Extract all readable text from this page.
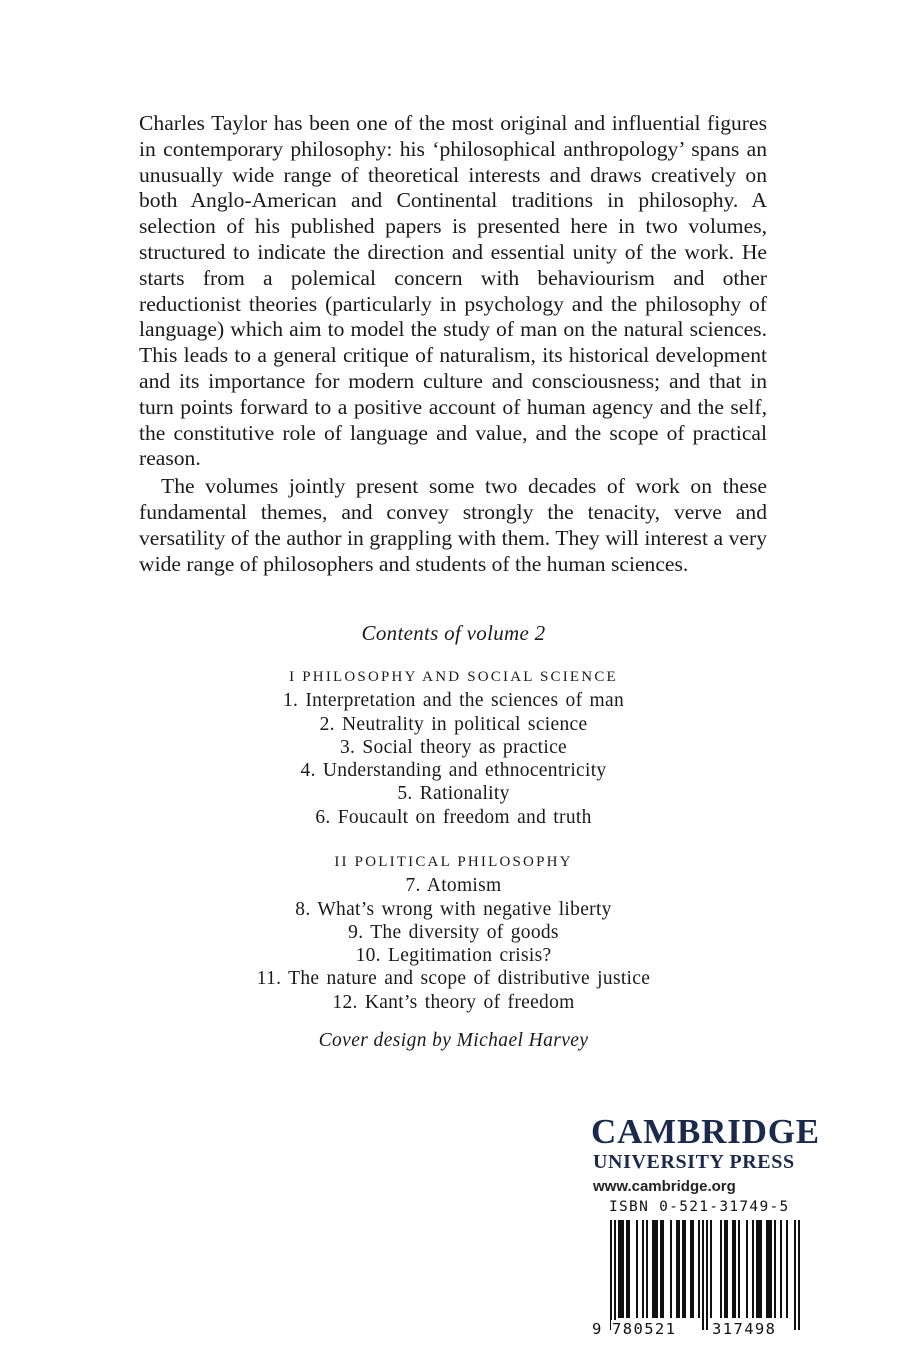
Charles Taylor has been one of the most original and influential figures in contemporary philosophy: his ‘philosophical anthropology’ spans an unusually wide range of theoretical interests and draws creatively on both Anglo-American and Continental traditions in philosophy. A selection of his published papers is presented here in two volumes, structured to indicate the direction and essential unity of the work. He starts from a polemical concern with behaviourism and other reductionist theories (particularly in psychology and the philosophy of language) which aim to model the study of man on the natural sciences. This leads to a general critique of naturalism, its historical development and its importance for modern culture and consciousness; and that in turn points forward to a positive account of human agency and the self, the constitutive role of language and value, and the scope of practical reason.

The volumes jointly present some two decades of work on these fundamental themes, and convey strongly the tenacity, verve and versatility of the author in grappling with them. They will interest a very wide range of philosophers and students of the human sciences.

Contents of volume 2
I PHILOSOPHY AND SOCIAL SCIENCE
1. Interpretation and the sciences of man
2. Neutrality in political science
3. Social theory as practice
4. Understanding and ethnocentricity
5. Rationality
6. Foucault on freedom and truth
II POLITICAL PHILOSOPHY
7. Atomism
8. What’s wrong with negative liberty
9. The diversity of goods
10. Legitimation crisis?
11. The nature and scope of distributive justice
12. Kant’s theory of freedom
Cover design by Michael Harvey
CAMBRIDGE
UNIVERSITY PRESS
www.cambridge.org
ISBN 0-521-31749-5
9 780521 317498
